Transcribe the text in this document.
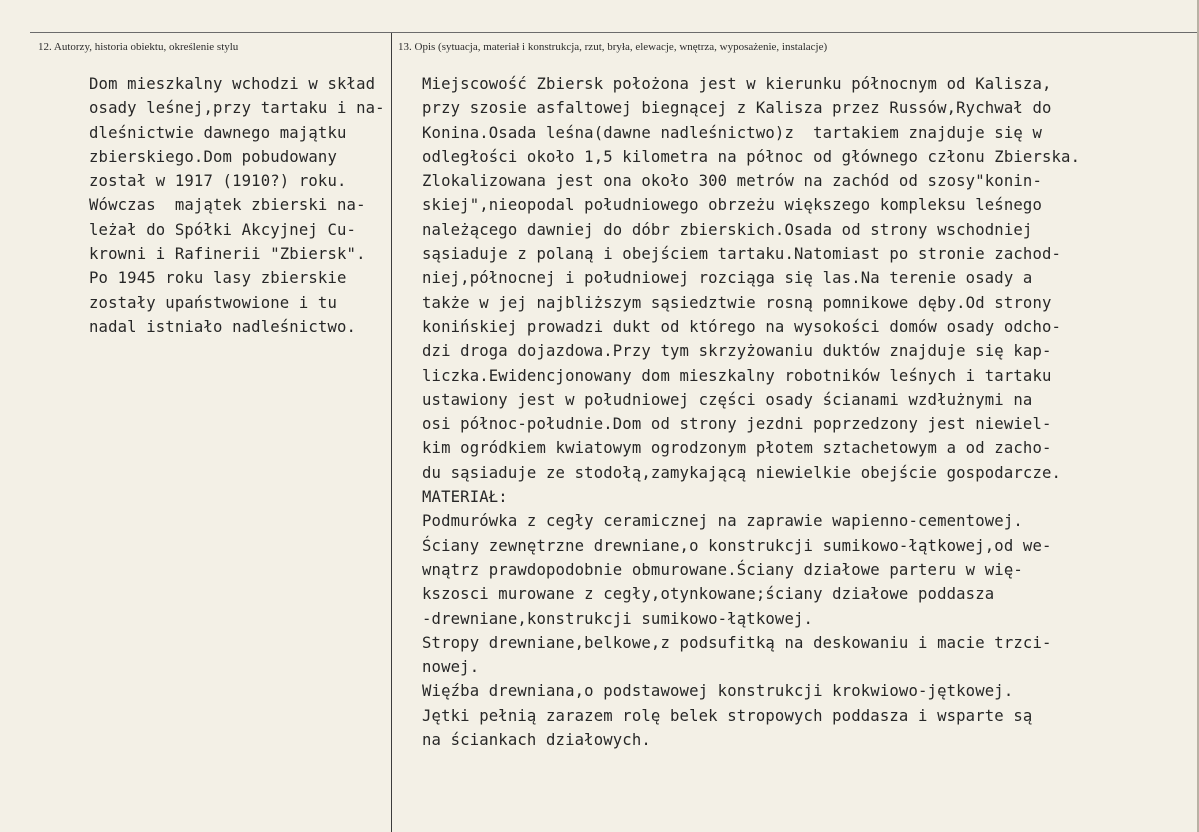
12. Autorzy, historia obiektu, określenie stylu	13. Opis (sytuacja, materiał i konstrukcja, rzut, bryła, elewacje, wnętrza, wyposażenie, instalacje)
Dom mieszkalny wchodzi w skład
osady leśnej,przy tartaku i na-
dleśnictwie dawnego majątku
zbierskiego.Dom pobudowany
został w 1917 (1910?) roku.
Wówczas  majątek zbierski na-
leżał do Spółki Akcyjnej Cu-
krowni i Rafinerii "Zbiersk".
Po 1945 roku lasy zbierskie
zostały upaństwowione i tu
nadal istniało nadleśnictwo.
Miejscowość Zbiersk położona jest w kierunku północnym od Kalisza,
przy szosie asfaltowej biegnącej z Kalisza przez Russów,Rychwał do
Konina.Osada leśna(dawne nadleśnictwo)z  tartakiem znajduje się w
odległości około 1,5 kilometra na północ od głównego członu Zbierska.
Zlokalizowana jest ona około 300 metrów na zachód od szosy"konin-
skiej",nieopodal południowego obrzeżu większego kompleksu leśnego
należącego dawniej do dóbr zbierskich.Osada od strony wschodniej
sąsiaduje z polaną i obejściem tartaku.Natomiast po stronie zachod-
niej,północnej i południowej rozciąga się las.Na terenie osady a
także w jej najbliższym sąsiedztwie rosną pomnikowe dęby.Od strony
konińskiej prowadzi dukt od którego na wysokości domów osady odcho-
dzi droga dojazdowa.Przy tym skrzyżowaniu duktów znajduje się kap-
liczka.Ewidencjonowany dom mieszkalny robotników leśnych i tartaku
ustawiony jest w południowej części osady ścianami wzdłużnymi na
osi północ-południe.Dom od strony jezdni poprzedzony jest niewiel-
kim ogródkiem kwiatowym ogrodzonym płotem sztachetowym a od zacho-
du sąsiaduje ze stodołą,zamykającą niewielkie obejście gospodarcze.
MATERIAŁ:
Podmurówka z cegły ceramicznej na zaprawie wapienno-cementowej.
Ściany zewnętrzne drewniane,o konstrukcji sumikowo-łątkowej,od we-
wnątrz prawdopodobnie obmurowane.Ściany działowe parteru w wię-
kszosci murowane z cegły,otynkowane;ściany działowe poddasza
-drewniane,konstrukcji sumikowo-łątkowej.
Stropy drewniane,belkowe,z podsufitką na deskowaniu i macie trzci-
nowej.
Więźba drewniana,o podstawowej konstrukcji krokwiowo-jętkowej.
Jętki pełnią zarazem rolę belek stropowych poddasza i wsparte są
na ściankach działowych.
